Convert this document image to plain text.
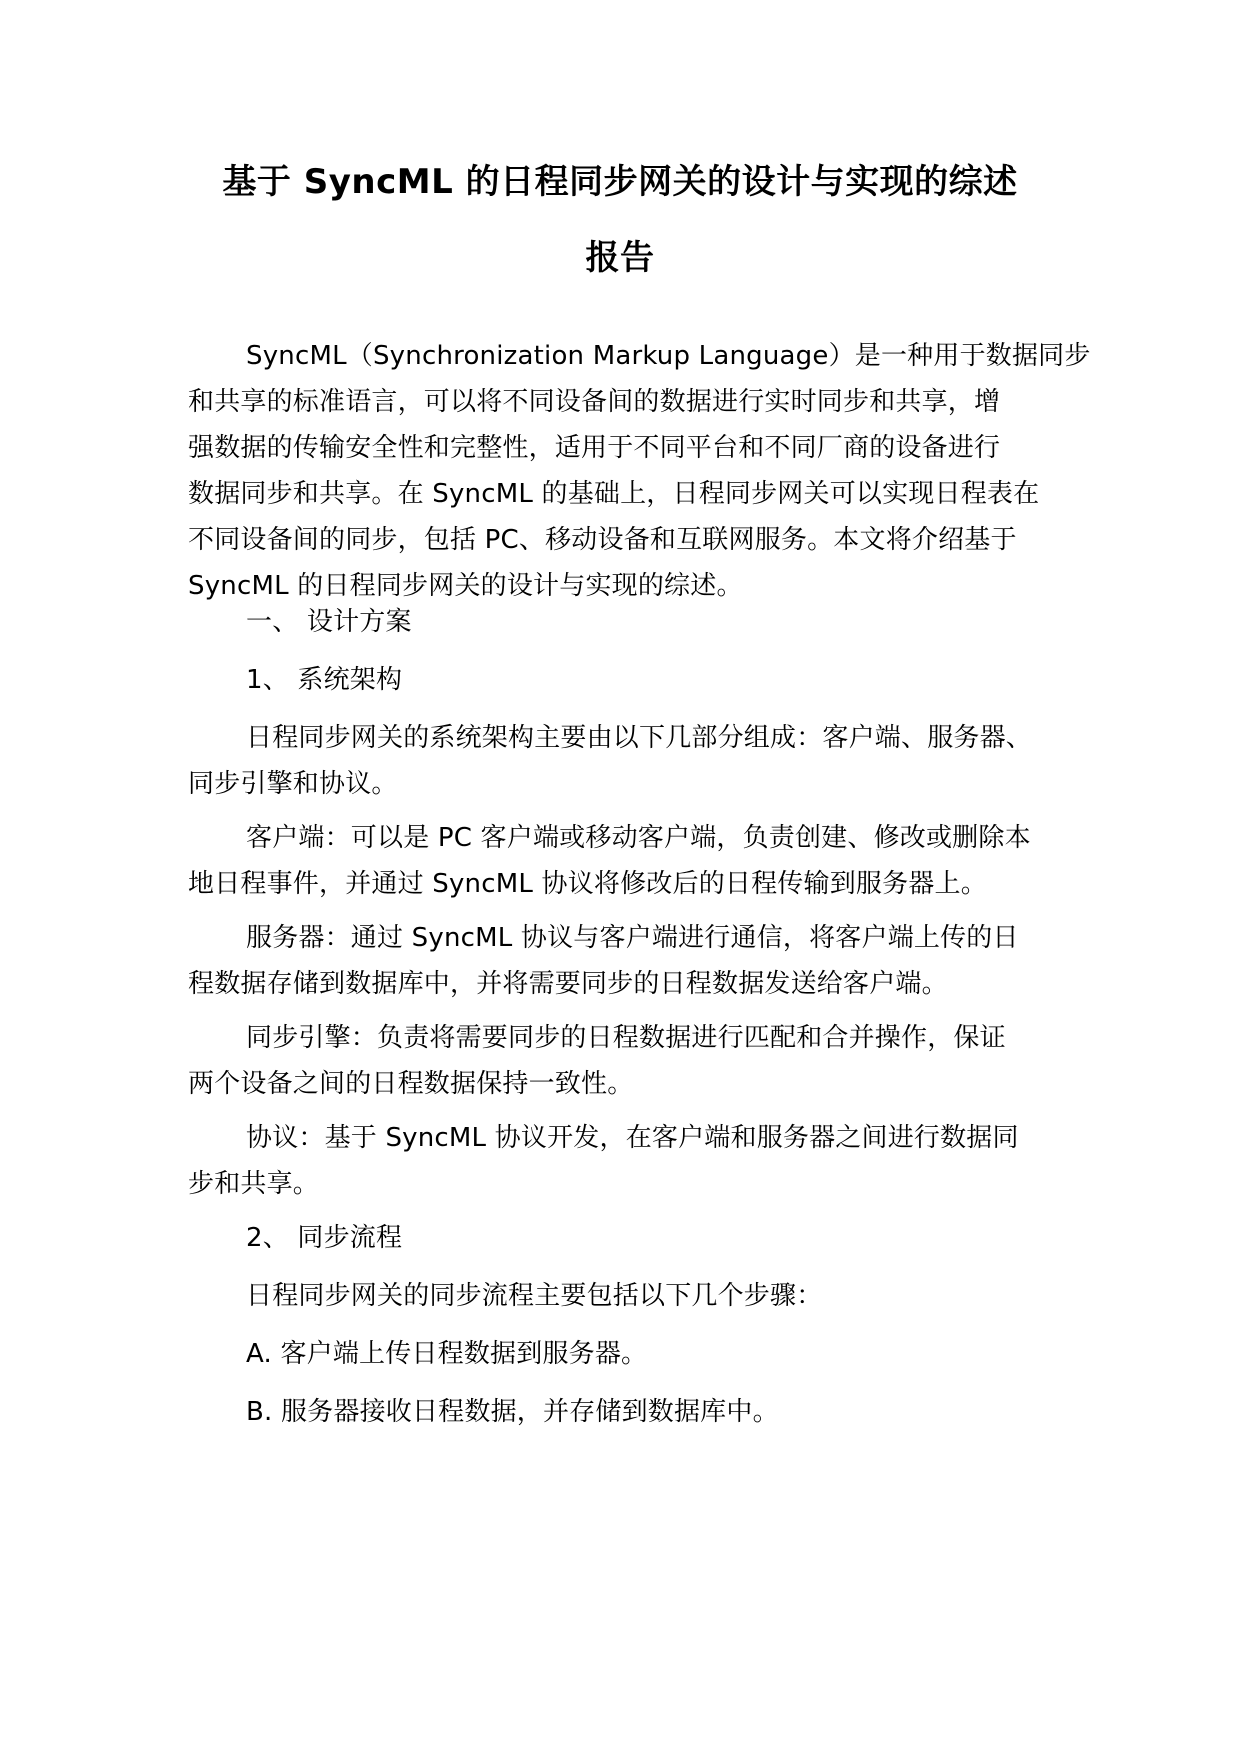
基于 SyncML 的日程同步网关的设计与实现的综述
报告
SyncML（Synchronization Markup Language）是一种用于数据同步
和共享的标准语言，可以将不同设备间的数据进行实时同步和共享，增
强数据的传输安全性和完整性，适用于不同平台和不同厂商的设备进行
数据同步和共享。在 SyncML 的基础上，日程同步网关可以实现日程表在
不同设备间的同步，包括 PC、移动设备和互联网服务。本文将介绍基于
SyncML 的日程同步网关的设计与实现的综述。
一、 设计方案
1、 系统架构
日程同步网关的系统架构主要由以下几部分组成：客户端、服务器、
同步引擎和协议。
客户端：可以是 PC 客户端或移动客户端，负责创建、修改或删除本
地日程事件，并通过 SyncML 协议将修改后的日程传输到服务器上。
服务器：通过 SyncML 协议与客户端进行通信，将客户端上传的日
程数据存储到数据库中，并将需要同步的日程数据发送给客户端。
同步引擎：负责将需要同步的日程数据进行匹配和合并操作，保证
两个设备之间的日程数据保持一致性。
协议：基于 SyncML 协议开发，在客户端和服务器之间进行数据同
步和共享。
2、 同步流程
日程同步网关的同步流程主要包括以下几个步骤：
A. 客户端上传日程数据到服务器。
B. 服务器接收日程数据，并存储到数据库中。
